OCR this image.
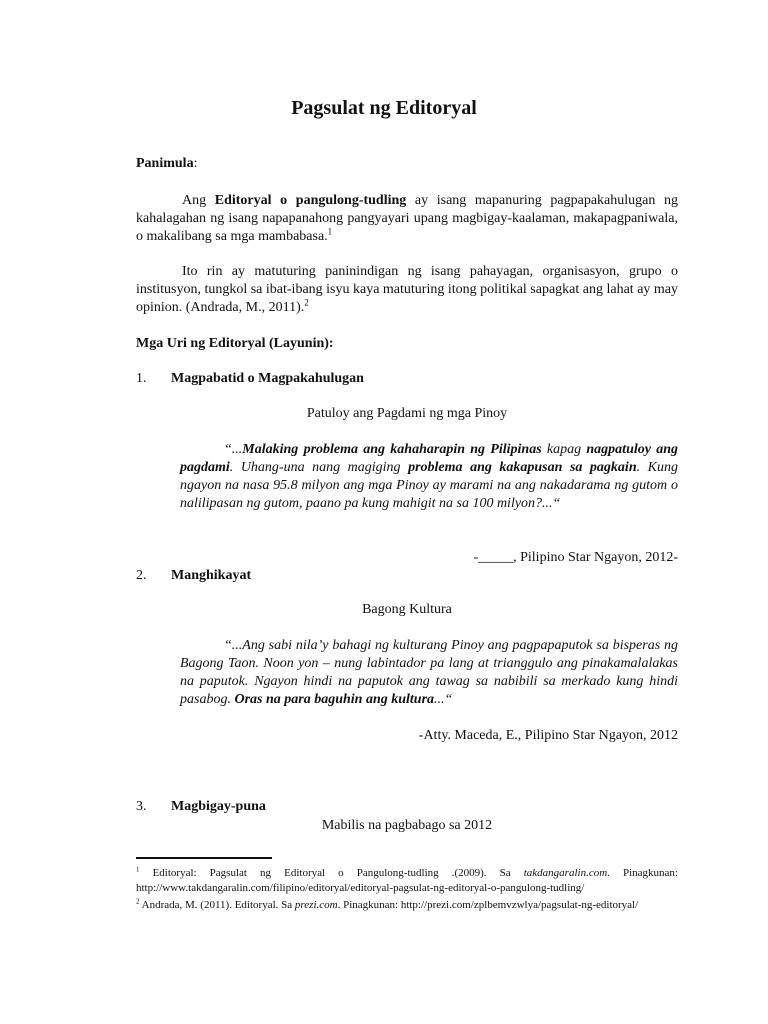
Pagsulat ng Editoryal
Panimula:
Ang Editoryal o pangulong-tudling ay isang mapanuring pagpapakahulugan ng kahalagahan ng isang napapanahong pangyayari upang magbigay-kaalaman, makapagpaniwala, o makalibang sa mga mambabasa.$^1$
Ito rin ay matuturing paninindigan ng isang pahayagan, organisasyon, grupo o institusyon, tungkol sa ibat-ibang isyu kaya matuturing itong politikal sapagkat ang lahat ay may opinion. (Andrada, M., 2011).$^2$
Mga Uri ng Editoryal (Layunin):
1. Magpabatid o Magpakahulugan
Patuloy ang Pagdami ng mga Pinoy
“...Malaking problema ang kahaharapin ng Pilipinas kapag nagpatuloy ang pagdami. Uhang-una nang magiging problema ang kakapusan sa pagkain. Kung ngayon na nasa 95.8 milyon ang mga Pinoy ay marami na ang nakadarama ng gutom o nalilipasan ng gutom, paano pa kung mahigit na sa 100 milyon?...“
-_____, Pilipino Star Ngayon, 2012-
2. Manghikayat
Bagong Kultura
“...Ang sabi nila’y bahagi ng kulturang Pinoy ang pagpapaputok sa bisperas ng Bagong Taon. Noon yon – nung labintador pa lang at trianggulo ang pinakamalalakas na paputok. Ngayon hindi na paputok ang tawag sa nabibili sa merkado kung hindi pasabog. Oras na para baguhin ang kultura...“
-Atty. Maceda, E., Pilipino Star Ngayon, 2012
3. Magbigay-puna
Mabilis na pagbabago sa 2012

$^1$ Editoryal: Pagsulat ng Editoryal o Pangulong-tudling .(2009). Sa takdangaralin.com. Pinagkunan: http://www.takdangaralin.com/filipino/editoryal/editoryal-pagsulat-ng-editoryal-o-pangulong-tudling/

$^2$ Andrada, M. (2011). Editoryal. Sa prezi.com. Pinagkunan: http://prezi.com/zplbemvzwlya/pagsulat-ng-editoryal/
